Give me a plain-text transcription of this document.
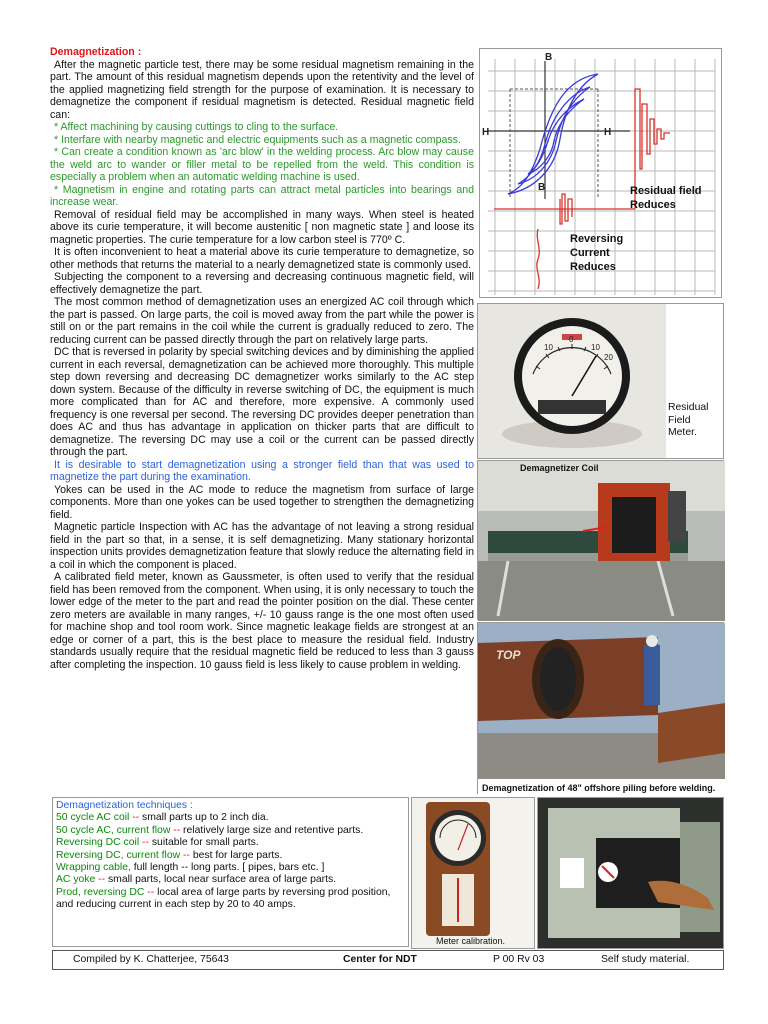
Demagnetization :

After the magnetic particle test, there may be some residual magnetism remaining in the part. The amount of this residual magnetism depends upon the retentivity and the level of the applied magnetizing field strength for the purpose of examination. It is necessary to demagnetize the component if residual magnetism is detected. Residual magnetic field can:

* Affect machining by causing cuttings to cling to the surface.

* Interfare with nearby magnetic and electric equipments such as a magnetic compass.

* Can create a condition known as 'arc blow' in the welding process. Arc blow may cause the weld arc to wander or filler metal to be repelled from the weld. This condition is especially a problem when an automatic welding machine is used.

* Magnetism in engine and rotating parts can attract metal particles into bearings and increase wear.

Removal of residual field may be accomplished in many ways. When steel is heated above its curie temperature, it will become austenitic [ non magnetic state ] and loose its magnetic properties. The curie temperature for a low carbon steel is 770º C.

It is often inconvenient to heat a material above its curie temperature to demagnetize, so other methods that returns the material to a nearly demagnetized state is commonly used.

Subjecting the component to a reversing and decreasing continuous magnetic field, will effectively demagnetize the part.

The most common method of demagnetization uses an energized AC coil through which the part is passed. On large parts, the coil is moved away from the part while the power is still on or the part remains in the coil while the current is gradually reduced to zero. The reducing current can be passed directly through the part on relatively large parts.

DC that is reversed in polarity by special switching devices and by diminishing the applied current in each reversal, demagnetization can be achieved more thoroughly. This multiple step down reversing and decreasing DC demagnetizer works similarly to the AC step down system. Because of the difficulty in reverse switching of DC, the equipment is much more complicated than for AC and therefore, more expensive. A commonly used frequency is one reversal per second. The reversing DC provides deeper penetration than does AC and thus has advantage in application on thicker parts that are difficult to demagnetize. The reversing DC may use a coil or the current can be passed directly through the part.

It is desirable to start demagnetization using a stronger field than that was used to magnetize the part during the examination.

Yokes can be used in the AC mode to reduce the magnetism from surface of large components. More than one yokes can be used together to strengthen the demagnetizing field.

Magnetic particle Inspection with AC has the advantage of not leaving a strong residual field in the part so that, in a sense, it is self demagnetizing. Many stationary horizontal inspection units provides demagnetization feature that slowly reduce the alternating field in a coil in which the component is placed.

A calibrated field meter, known as Gaussmeter, is often used to verify that the residual field has been removed from the component. When using, it is only necessary to touch the lower edge of the meter to the part and read the pointer position on the dial. These center zero meters are available in many ranges, +/- 10 gauss range is the one most often used for machine shop and tool room work. Since magnetic leakage fields are strongest at an edge or corner of a part, this is the best place to measure the residual field. Industry standards usually require that the residual magnetic field be reduced to less than 3 gauss after completing the inspection. 10 gauss field is less likely to cause problem in welding.

B
H	H
B	Residual field
Reduces
Reversing
Current
Reduces
10
0
10
20
Residual Field Meter.
Demagnetizer Coil
TOP
Demagnetization of 48" offshore piling before welding.
Demagnetization techniques :
50 cycle AC coil -- small parts up to 2 inch dia.
50 cycle AC, current flow -- relatively large size and retentive parts.
Reversing DC coil -- suitable for small parts.
Reversing DC, current flow -- best for large parts.
Wrapping cable, full length -- long parts. [ pipes, bars etc. ]
AC yoke -- small parts, local near surface area of large parts.
Prod, reversing DC -- local area of large parts by reversing prod position, and reducing current in each step by 20 to 40 amps.
Meter calibration.
Compiled by K. Chatterjee, 75643	Center for NDT	P 00 Rv 03	Self study material.
